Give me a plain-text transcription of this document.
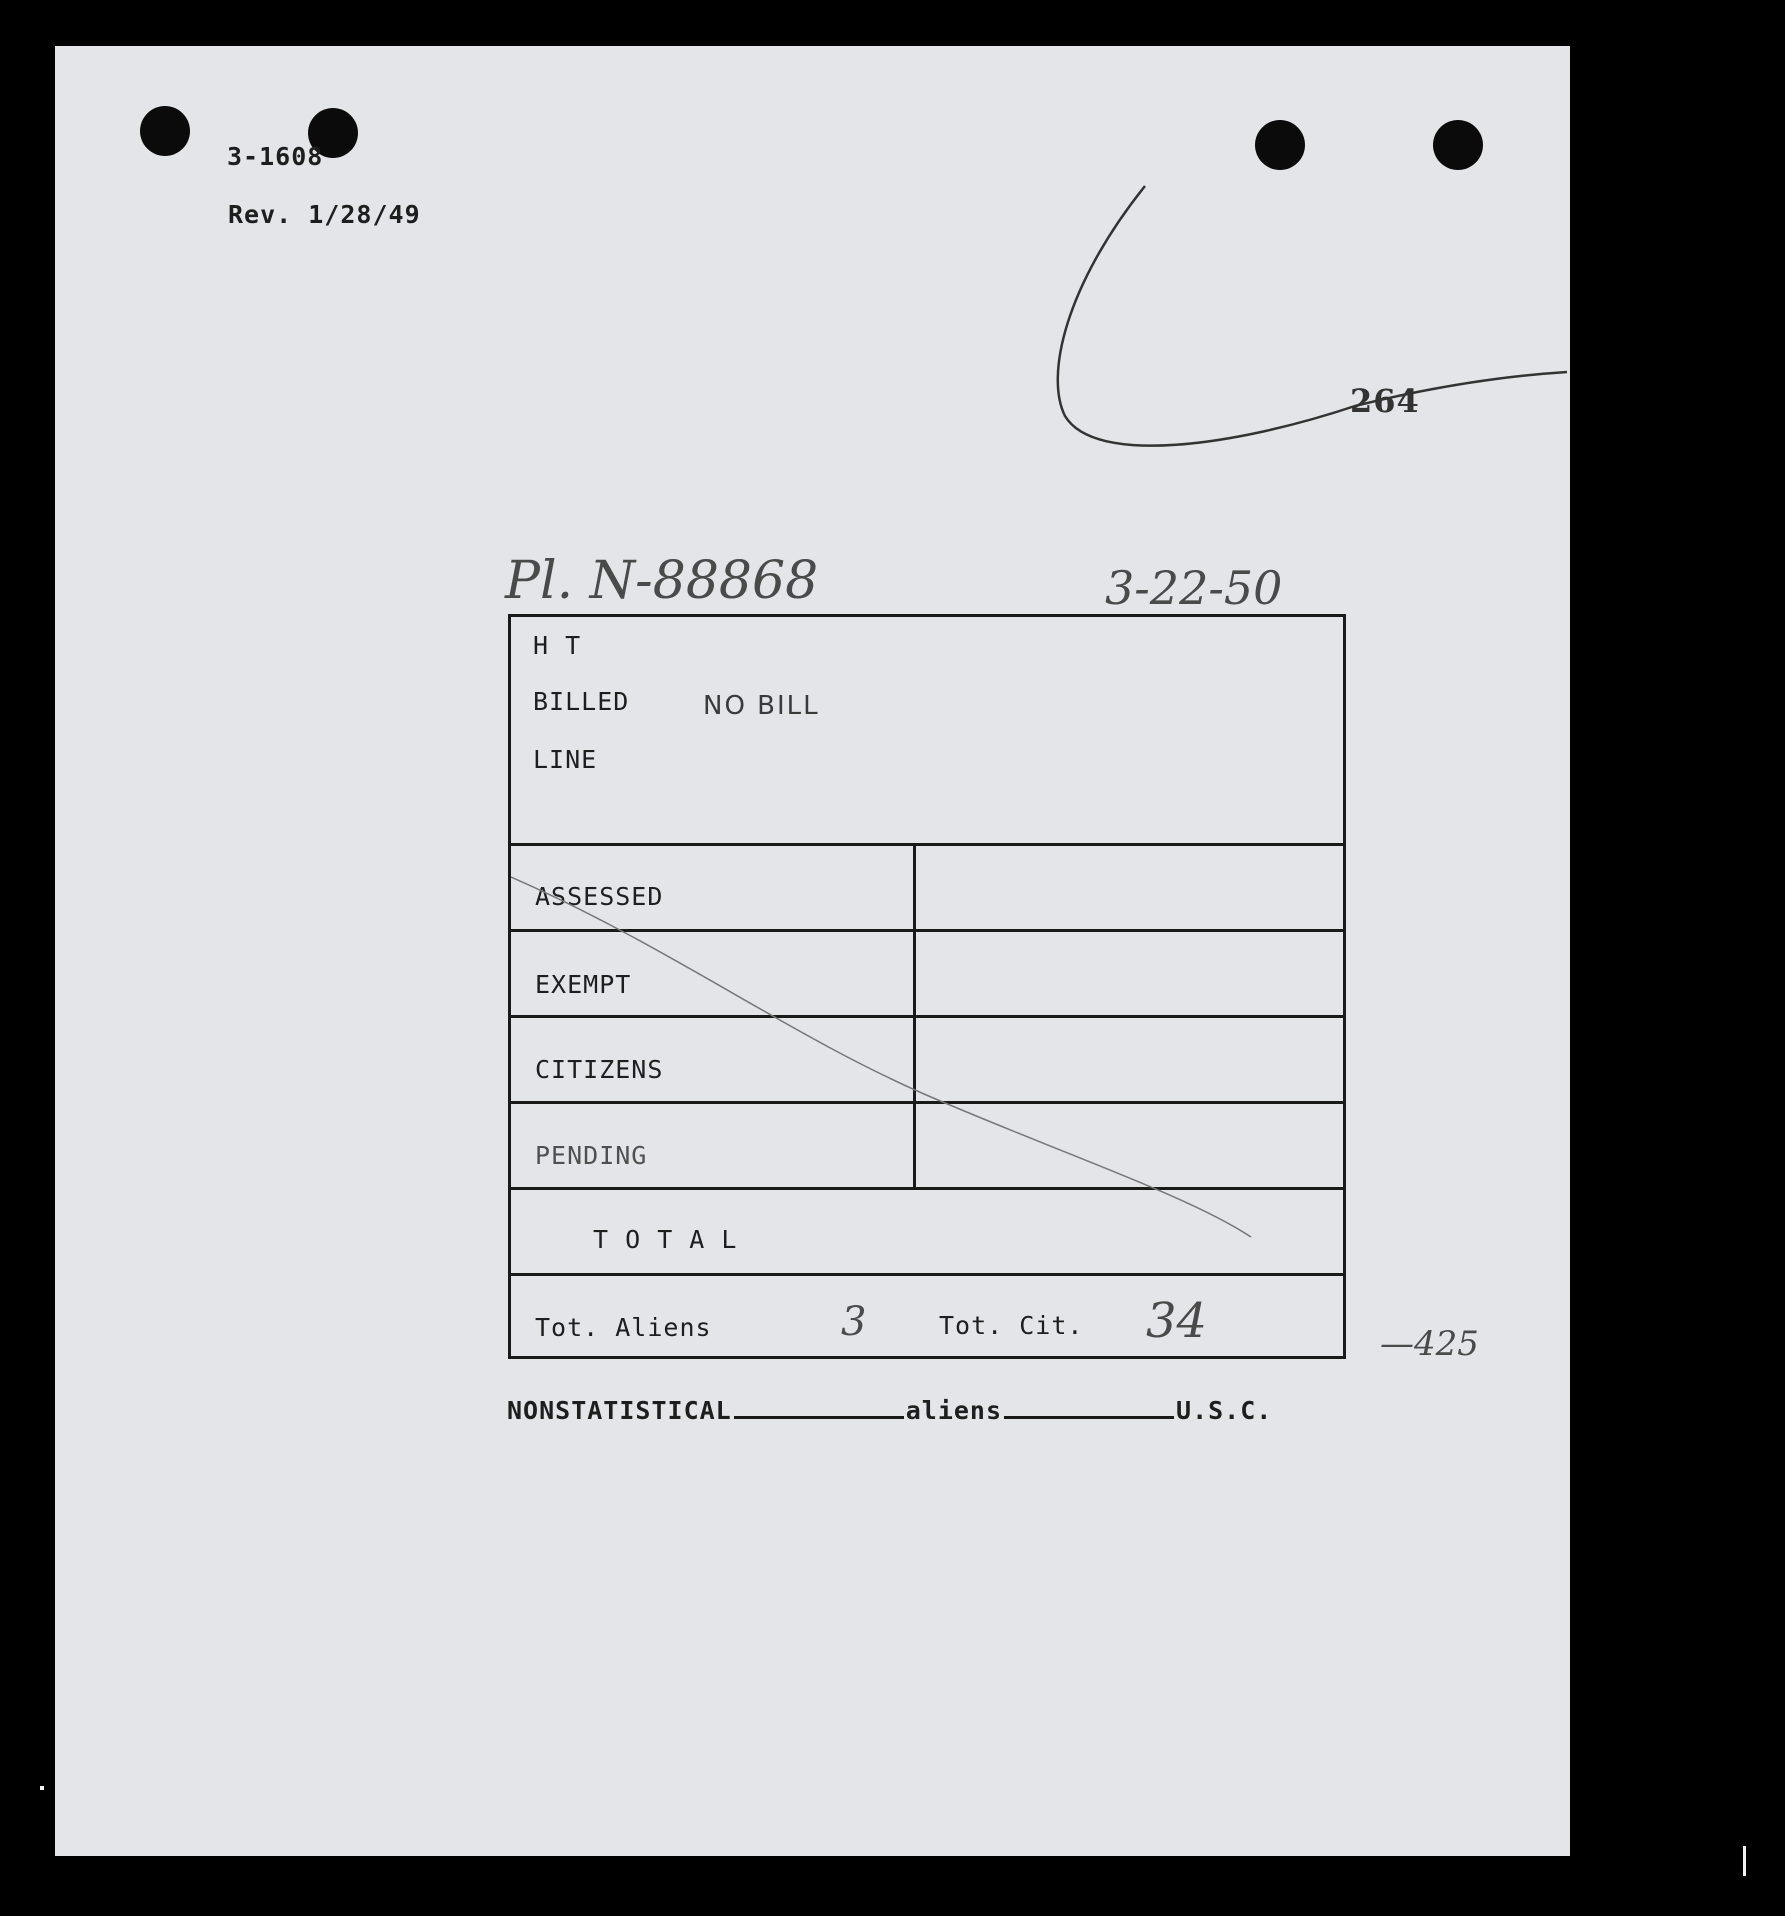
3-1608
Rev. 1/28/49
264
Pl. N-88868	3-22-50
H T
BILLED	NO BILL
LINE
ASSESSED
EXEMPT
CITIZENS
PENDING
T O T A L
Tot. Aliens	3	Tot. Cit. 34	—425
NONSTATISTICAL	aliens	U.S.C.
